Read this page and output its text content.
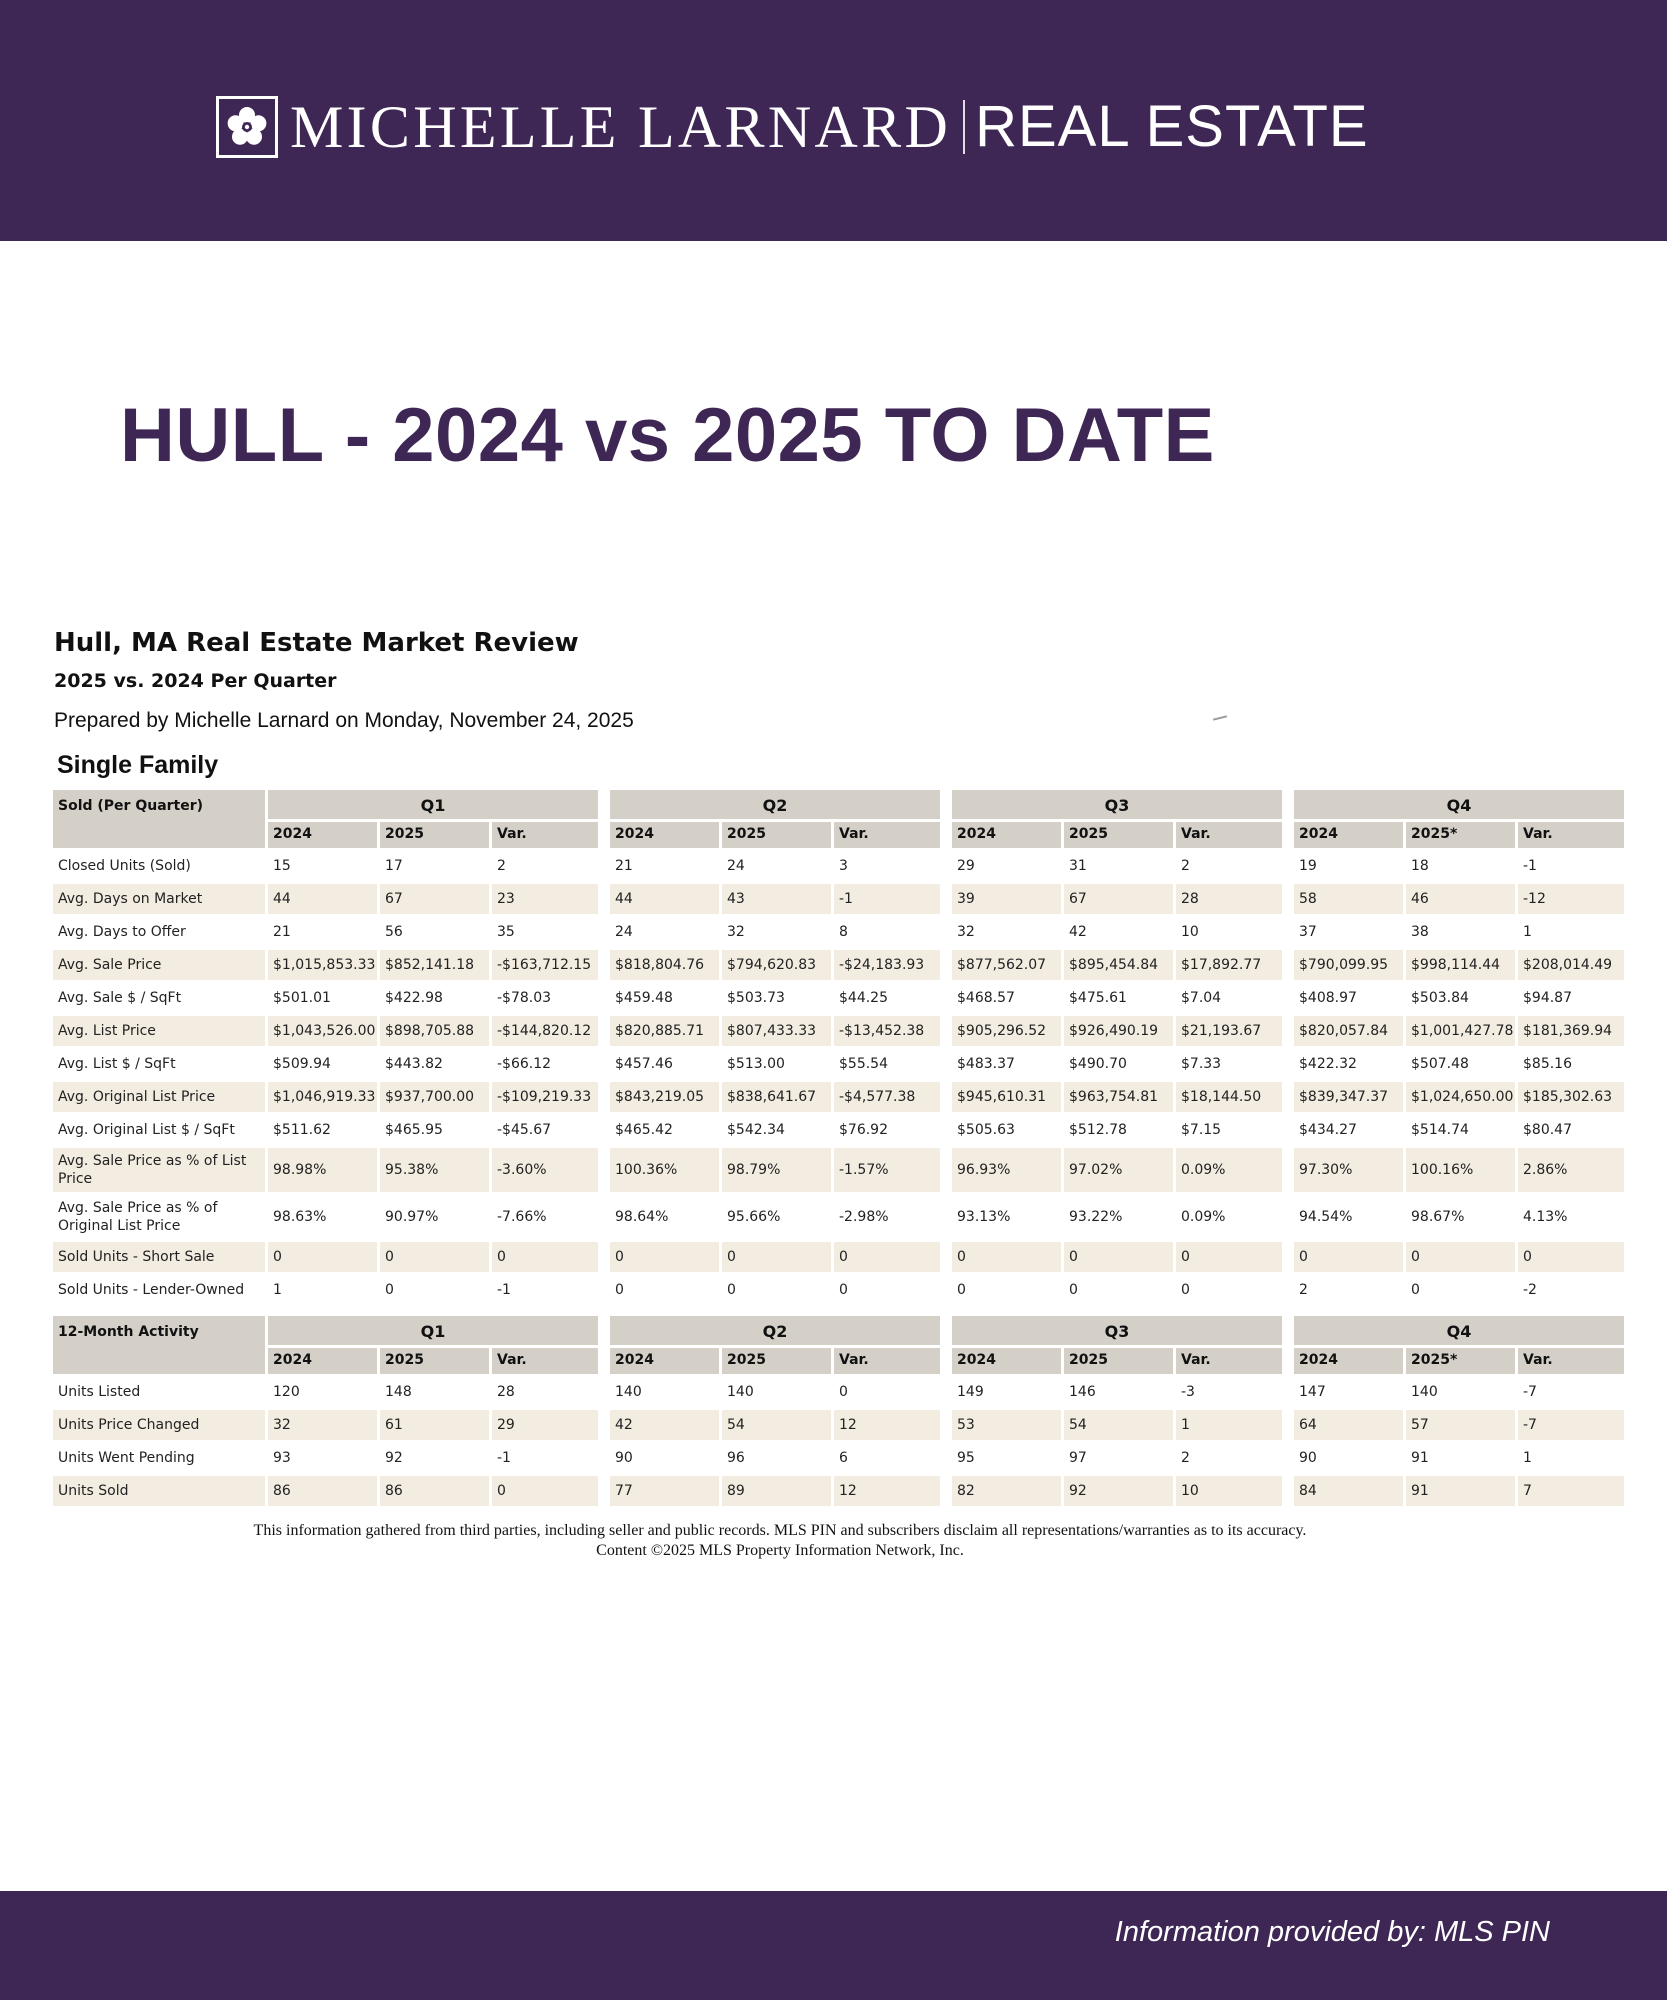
MICHELLE LARNARD REAL ESTATE
HULL - 2024 vs 2025 TO DATE
Hull, MA Real Estate Market Review
2025 vs. 2024 Per Quarter
Prepared by Michelle Larnard on Monday, November 24, 2025
Single Family
Sold (Per Quarter)	Q1				Q2				Q3				Q4		
	2024	2025	Var.		2024	2025	Var.		2024	2025	Var.		2024	2025*	Var.
Closed Units (Sold)	15	17	2		21	24	3		29	31	2		19	18	-1
Avg. Days on Market	44	67	23		44	43	-1		39	67	28		58	46	-12
Avg. Days to Offer	21	56	35		24	32	8		32	42	10		37	38	1
Avg. Sale Price	$1,015,853.33	$852,141.18	-$163,712.15		$818,804.76	$794,620.83	-$24,183.93		$877,562.07	$895,454.84	$17,892.77		$790,099.95	$998,114.44	$208,014.49
Avg. Sale $ / SqFt	$501.01	$422.98	-$78.03		$459.48	$503.73	$44.25		$468.57	$475.61	$7.04		$408.97	$503.84	$94.87
Avg. List Price	$1,043,526.00	$898,705.88	-$144,820.12		$820,885.71	$807,433.33	-$13,452.38		$905,296.52	$926,490.19	$21,193.67		$820,057.84	$1,001,427.78	$181,369.94
Avg. List $ / SqFt	$509.94	$443.82	-$66.12		$457.46	$513.00	$55.54		$483.37	$490.70	$7.33		$422.32	$507.48	$85.16
Avg. Original List Price	$1,046,919.33	$937,700.00	-$109,219.33		$843,219.05	$838,641.67	-$4,577.38		$945,610.31	$963,754.81	$18,144.50		$839,347.37	$1,024,650.00	$185,302.63
Avg. Original List $ / SqFt	$511.62	$465.95	-$45.67		$465.42	$542.34	$76.92		$505.63	$512.78	$7.15		$434.27	$514.74	$80.47
Avg. Sale Price as % of List Price	98.98%	95.38%	-3.60%		100.36%	98.79%	-1.57%		96.93%	97.02%	0.09%		97.30%	100.16%	2.86%
Avg. Sale Price as % of Original List Price	98.63%	90.97%	-7.66%		98.64%	95.66%	-2.98%		93.13%	93.22%	0.09%		94.54%	98.67%	4.13%
Sold Units - Short Sale	0	0	0		0	0	0		0	0	0		0	0	0
Sold Units - Lender-Owned	1	0	-1		0	0	0		0	0	0		2	0	-2
12-Month Activity	Q1				Q2				Q3				Q4		
	2024	2025	Var.		2024	2025	Var.		2024	2025	Var.		2024	2025*	Var.
Units Listed	120	148	28		140	140	0		149	146	-3		147	140	-7
Units Price Changed	32	61	29		42	54	12		53	54	1		64	57	-7
Units Went Pending	93	92	-1		90	96	6		95	97	2		90	91	1
Units Sold	86	86	0		77	89	12		82	92	10		84	91	7
This information gathered from third parties, including seller and public records. MLS PIN and subscribers disclaim all representations/warranties as to its accuracy. Content ©2025 MLS Property Information Network, Inc.
Information provided by: MLS PIN
